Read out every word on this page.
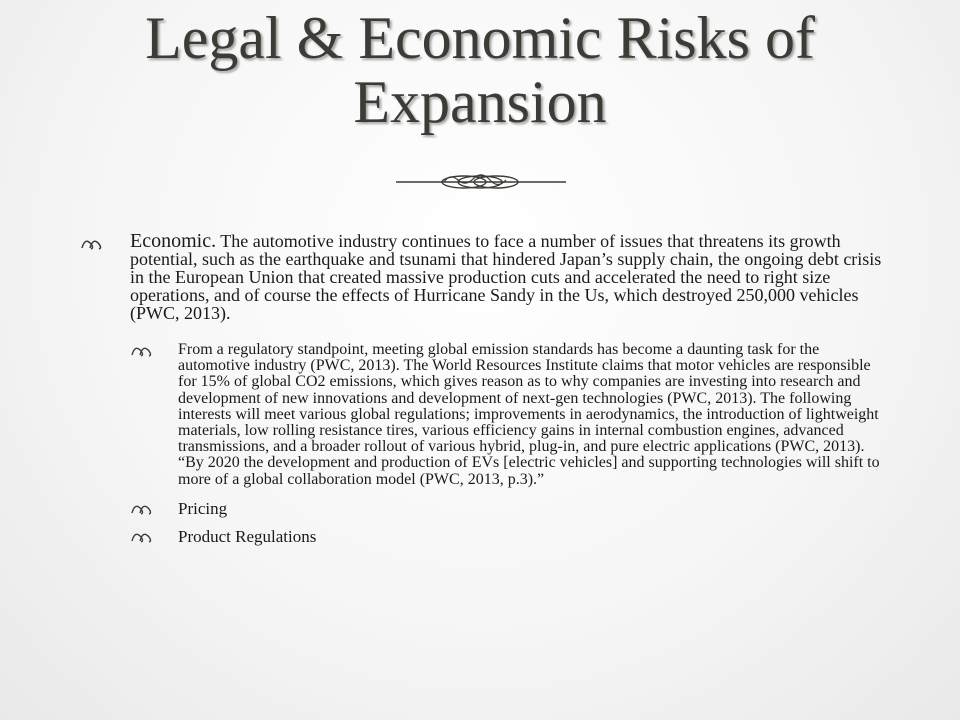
Legal & Economic Risks of
Expansion
Economic. The automotive industry continues to face a number of issues that threatens its growth potential, such as the earthquake and tsunami that hindered Japan’s supply chain, the ongoing debt crisis in the European Union that created massive production cuts and accelerated the need to right size operations, and of course the effects of Hurricane Sandy in the Us, which destroyed 250,000 vehicles (PWC, 2013).
From a regulatory standpoint, meeting global emission standards has become a daunting task for the automotive industry (PWC, 2013). The World Resources Institute claims that motor vehicles are responsible for 15% of global CO2 emissions, which gives reason as to why companies are investing into research and development of new innovations and development of next-gen technologies (PWC, 2013). The following interests will meet various global regulations; improvements in aerodynamics, the introduction of lightweight materials, low rolling resistance tires, various efficiency gains in internal combustion engines, advanced transmissions, and a broader rollout of various hybrid, plug-in, and pure electric applications (PWC, 2013). “By 2020 the development and production of EVs [electric vehicles] and supporting technologies will shift to more of a global collaboration model (PWC, 2013, p.3).”
Pricing
Product Regulations
